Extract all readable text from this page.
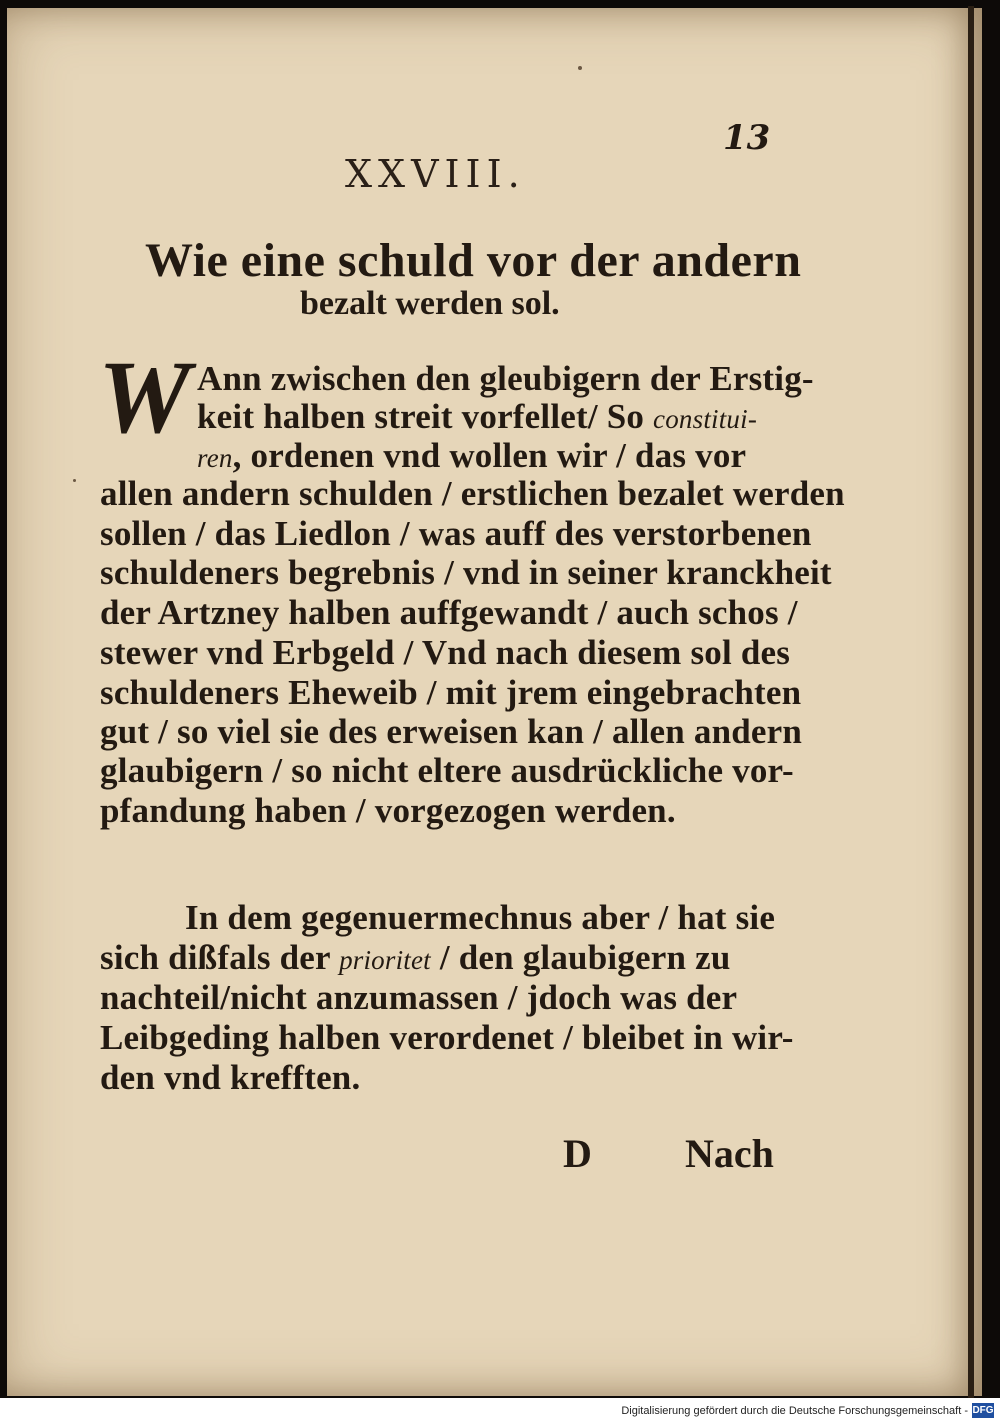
XXVIII.
13
Wie eine schuld vor der andern
bezalt werden sol.
W Ann zwischen den gleubigern der Erstig-
keit halben streit vorfellet/ So constitui-
ren, ordenen vnd wollen wir / das vor
allen andern schulden / erstlichen bezalet werden
sollen / das Liedlon / was auff des verstorbenen
schuldeners begrebnis / vnd in seiner kranckheit
der Artzney halben auffgewandt / auch schos /
stewer vnd Erbgeld / Vnd nach diesem sol des
schuldeners Eheweib / mit jrem eingebrachten
gut / so viel sie des erweisen kan / allen andern
glaubigern / so nicht eltere ausdrückliche vor-
pfandung haben / vorgezogen werden.
In dem gegenuermechnus aber / hat sie
sich dißfals der prioritet / den glaubigern zu
nachteil/nicht anzumassen / jdoch was der
Leibgeding halben verordenet / bleibet in wir-
den vnd krefften.
D Nach
Digitalisierung gefördert durch die Deutsche Forschungsgemeinschaft - DFG
